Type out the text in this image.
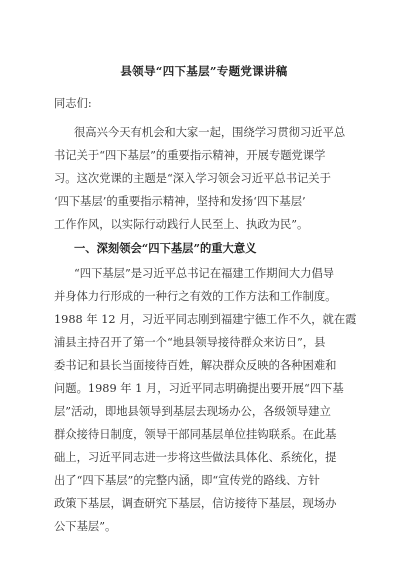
县领导“四下基层”专题党课讲稿
同志们:
很高兴今天有机会和大家一起，围绕学习贯彻习近平总
书记关于“四下基层”的重要指示精神，开展专题党课学
习。这次党课的主题是“深入学习领会习近平总书记关于
‘四下基层’的重要指示精神，坚持和发扬‘四下基层’
工作作风，以实际行动践行人民至上、执政为民”。
一、深刻领会“四下基层”的重大意义
“四下基层”是习近平总书记在福建工作期间大力倡导
并身体力行形成的一种行之有效的工作方法和工作制度。
1988 年 12 月，习近平同志刚到福建宁德工作不久，就在霞
浦县主持召开了第一个“地县领导接待群众来访日”，县
委书记和县长当面接待百姓，解决群众反映的各种困难和
问题。1989 年 1 月，习近平同志明确提出要开展“四下基
层”活动，即地县领导到基层去现场办公，各级领导建立
群众接待日制度，领导干部同基层单位挂钩联系。在此基
础上，习近平同志进一步将这些做法具体化、系统化，提
出了“四下基层”的完整内涵，即“宣传党的路线、方针
政策下基层，调查研究下基层，信访接待下基层，现场办
公下基层”。
